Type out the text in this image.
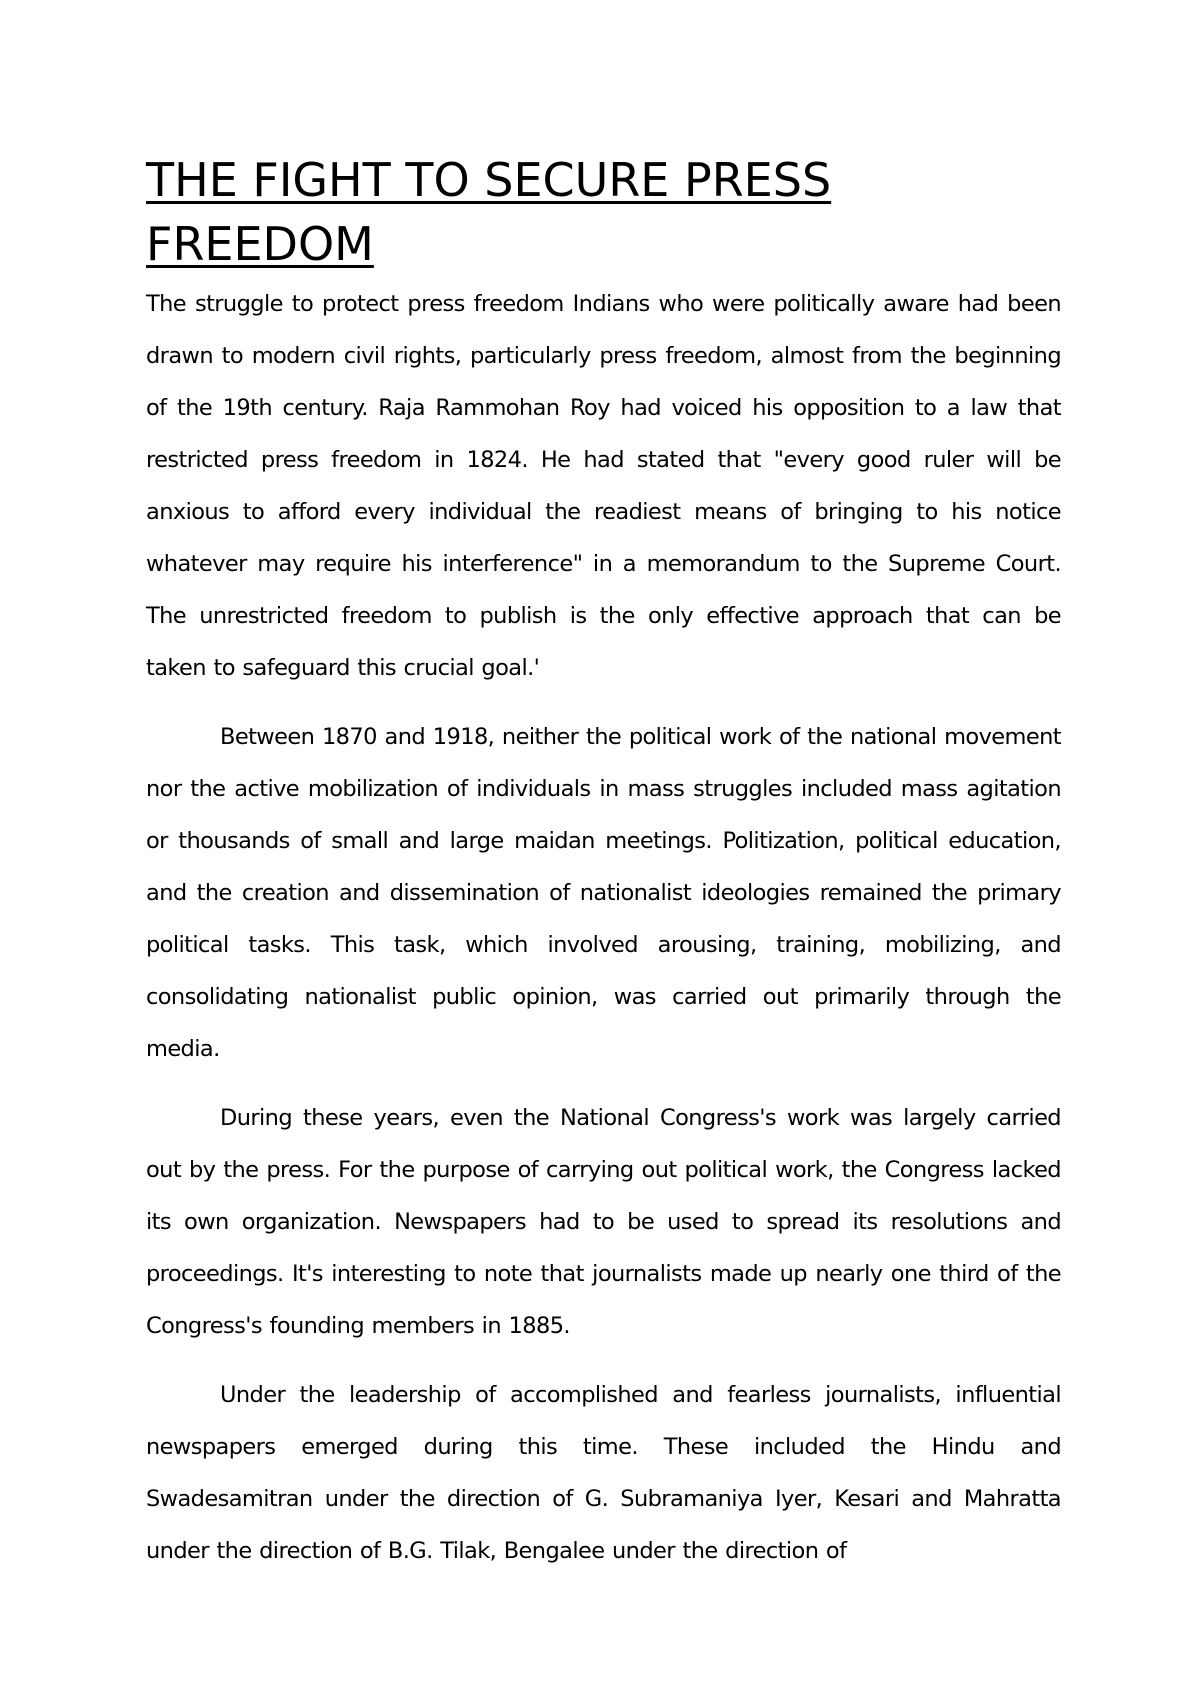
THE FIGHT TO SECURE PRESS FREEDOM

The struggle to protect press freedom Indians who were politically aware had been drawn to modern civil rights, particularly press freedom, almost from the beginning of the 19th century. Raja Rammohan Roy had voiced his opposition to a law that restricted press freedom in 1824. He had stated that "every good ruler will be anxious to afford every individual the readiest means of bringing to his notice whatever may require his interference" in a memorandum to the Supreme Court. The unrestricted freedom to publish is the only effective approach that can be taken to safeguard this crucial goal.'

Between 1870 and 1918, neither the political work of the national movement nor the active mobilization of individuals in mass struggles included mass agitation or thousands of small and large maidan meetings. Politization, political education, and the creation and dissemination of nationalist ideologies remained the primary political tasks. This task, which involved arousing, training, mobilizing, and consolidating nationalist public opinion, was carried out primarily through the media.

During these years, even the National Congress's work was largely carried out by the press. For the purpose of carrying out political work, the Congress lacked its own organization. Newspapers had to be used to spread its resolutions and proceedings. It's interesting to note that journalists made up nearly one third of the Congress's founding members in 1885.

Under the leadership of accomplished and fearless journalists, influential newspapers emerged during this time. These included the Hindu and Swadesamitran under the direction of G. Subramaniya Iyer, Kesari and Mahratta under the direction of B.G. Tilak, Bengalee under the direction of
